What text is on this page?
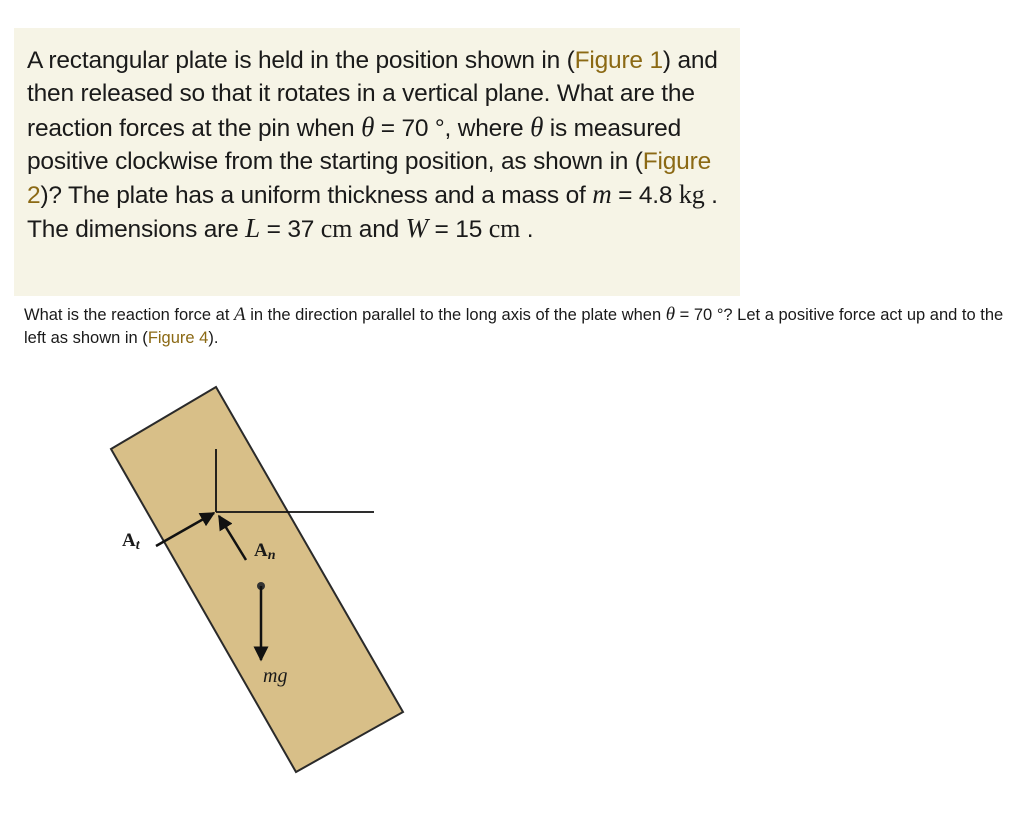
A rectangular plate is held in the position shown in (Figure 1) and then released so that it rotates in a vertical plane. What are the reaction forces at the pin when θ = 70 °, where θ is measured positive clockwise from the starting position, as shown in (Figure 2)? The plate has a uniform thickness and a mass of m = 4.8 kg . The dimensions are L = 37 cm and W = 15 cm .
What is the reaction force at A in the direction parallel to the long axis of the plate when θ = 70 °? Let a positive force act up and to the left as shown in (Figure 4).
At	An
mg
